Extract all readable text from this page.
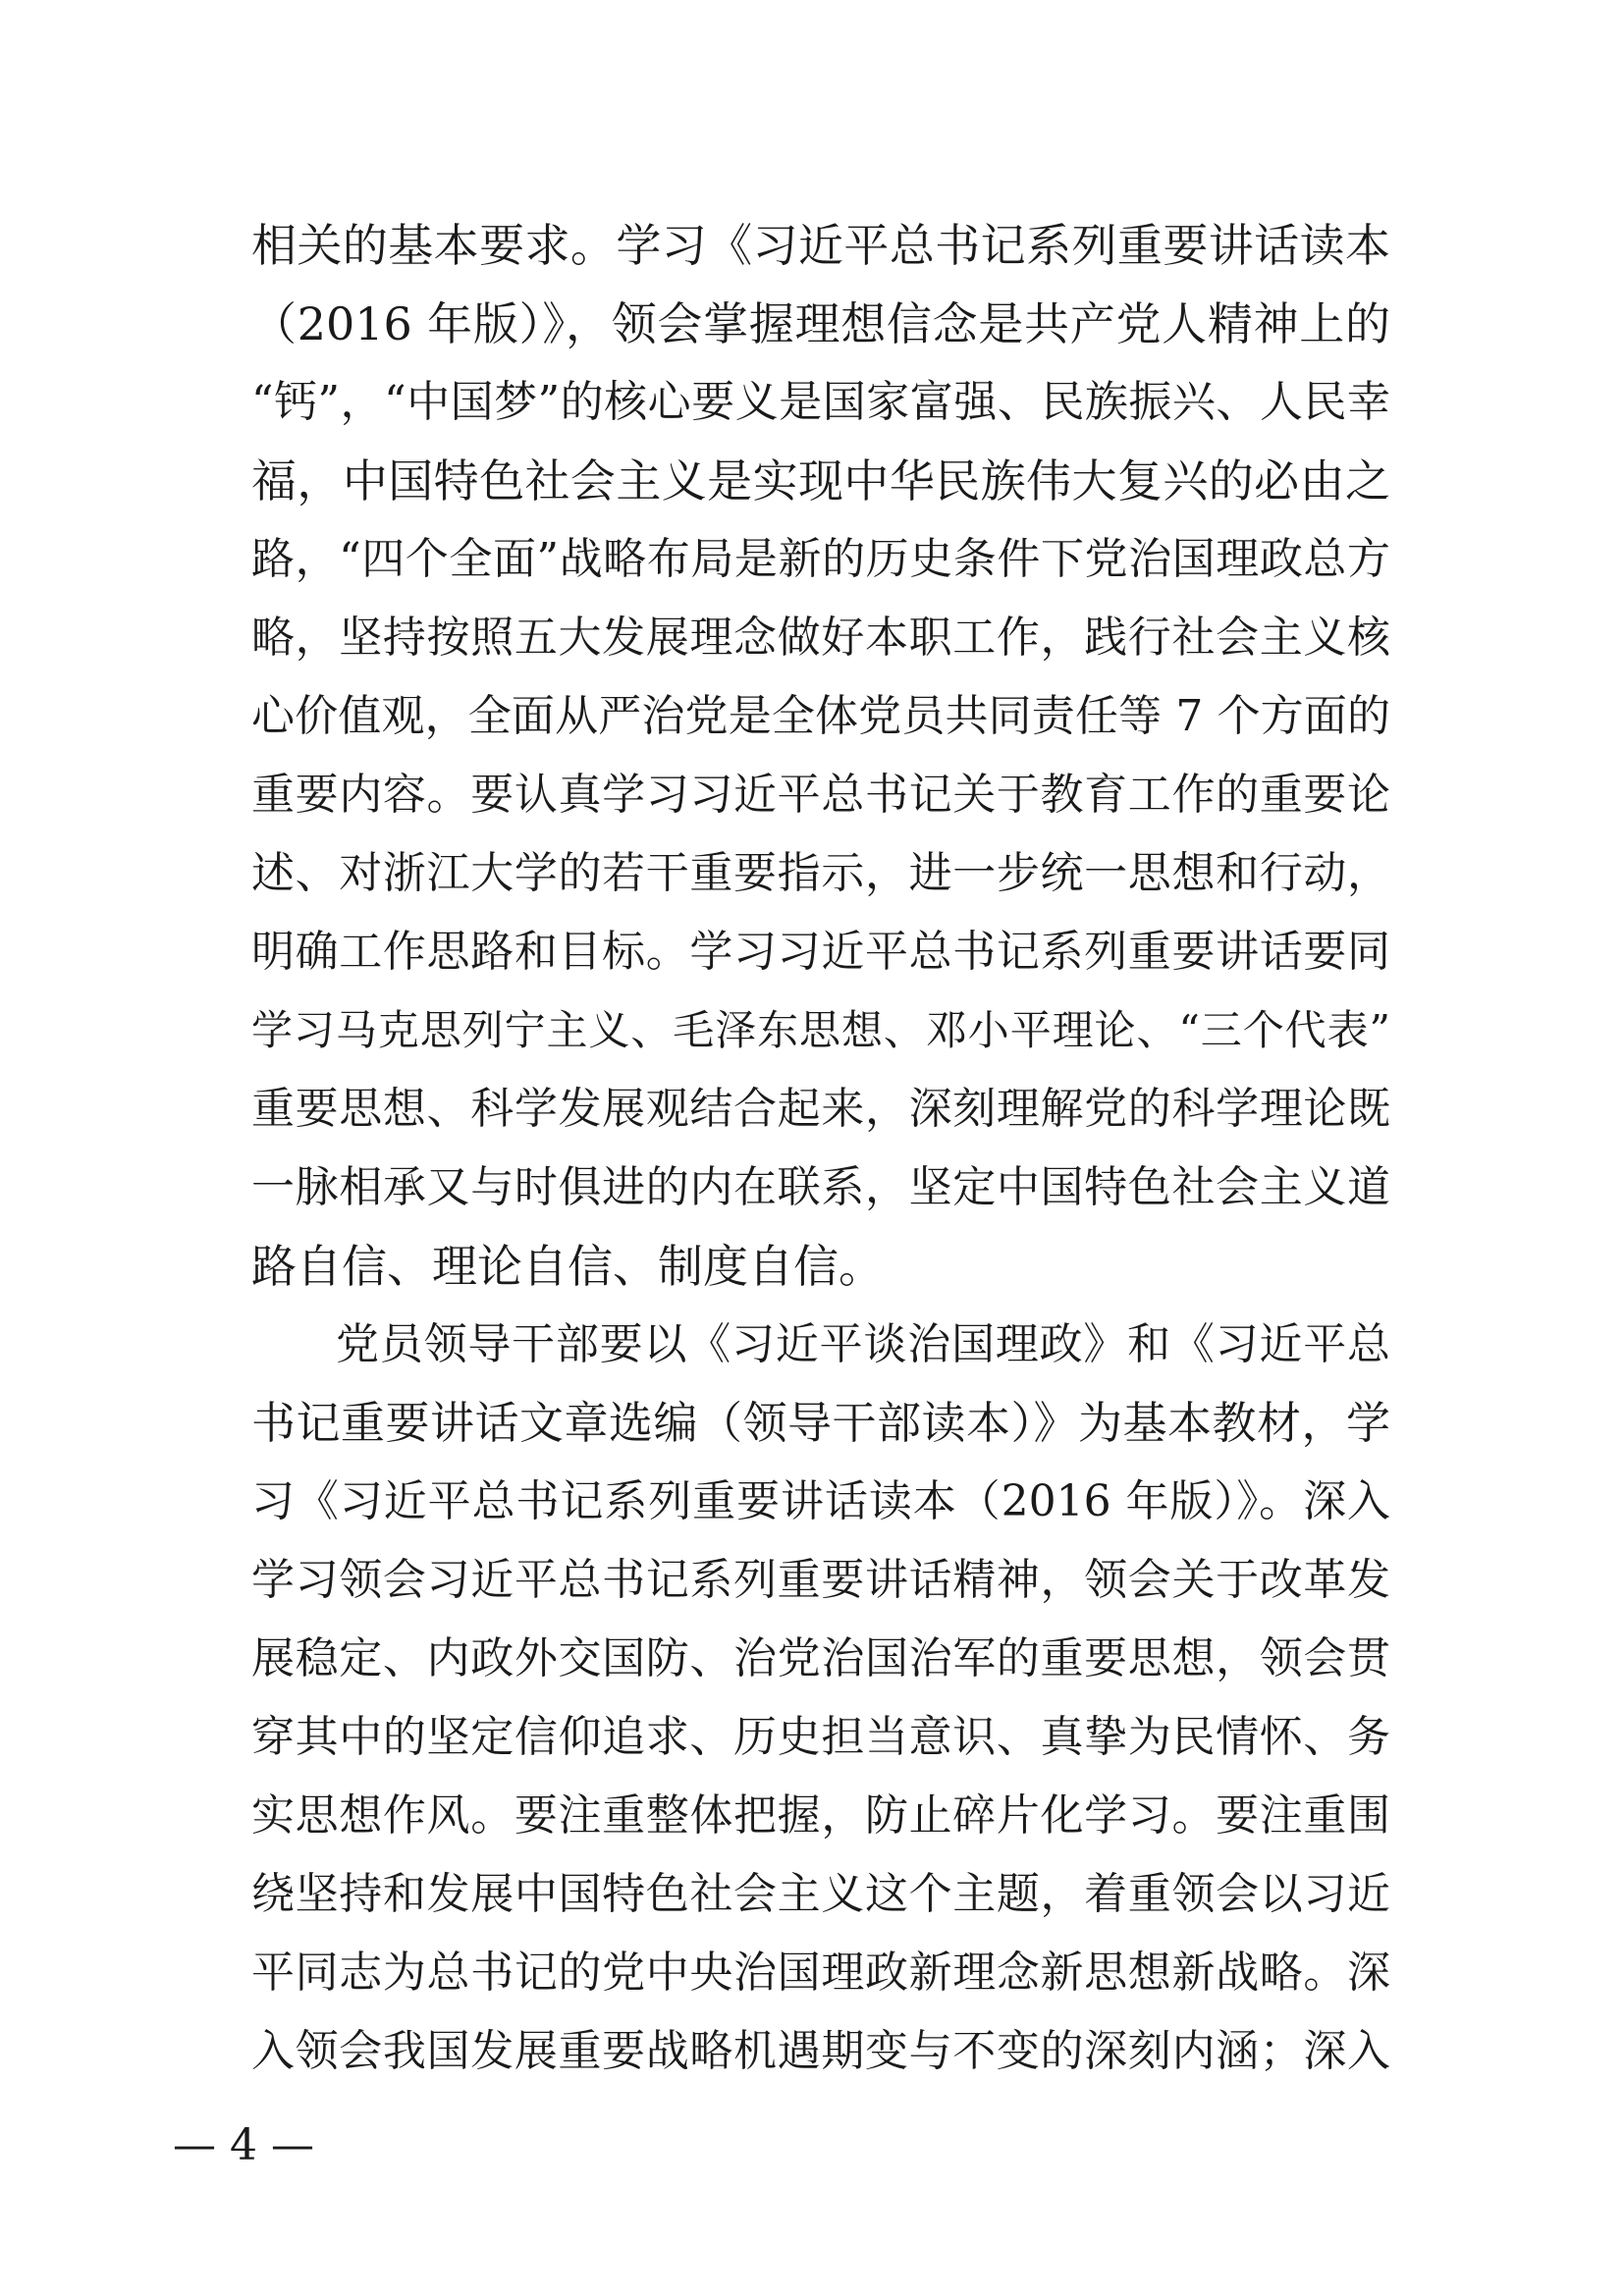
相关的基本要求。学习《习近平总书记系列重要讲话读本
（2016 年版）》，领会掌握理想信念是共产党人精神上的
“钙”，“中国梦”的核心要义是国家富强、民族振兴、人民幸
福，中国特色社会主义是实现中华民族伟大复兴的必由之
路，“四个全面”战略布局是新的历史条件下党治国理政总方
略，坚持按照五大发展理念做好本职工作，践行社会主义核
心价值观，全面从严治党是全体党员共同责任等 7 个方面的
重要内容。要认真学习习近平总书记关于教育工作的重要论
述、对浙江大学的若干重要指示，进一步统一思想和行动，
明确工作思路和目标。学习习近平总书记系列重要讲话要同
学习马克思列宁主义、毛泽东思想、邓小平理论、“三个代表”
重要思想、科学发展观结合起来，深刻理解党的科学理论既
一脉相承又与时俱进的内在联系，坚定中国特色社会主义道
路自信、理论自信、制度自信。
党员领导干部要以《习近平谈治国理政》和《习近平总
书记重要讲话文章选编（领导干部读本）》为基本教材，学
习《习近平总书记系列重要讲话读本（2016 年版）》。深入
学习领会习近平总书记系列重要讲话精神，领会关于改革发
展稳定、内政外交国防、治党治国治军的重要思想，领会贯
穿其中的坚定信仰追求、历史担当意识、真挚为民情怀、务
实思想作风。要注重整体把握，防止碎片化学习。要注重围
绕坚持和发展中国特色社会主义这个主题，着重领会以习近
平同志为总书记的党中央治国理政新理念新思想新战略。深
入领会我国发展重要战略机遇期变与不变的深刻内涵；深入
— 4 —
